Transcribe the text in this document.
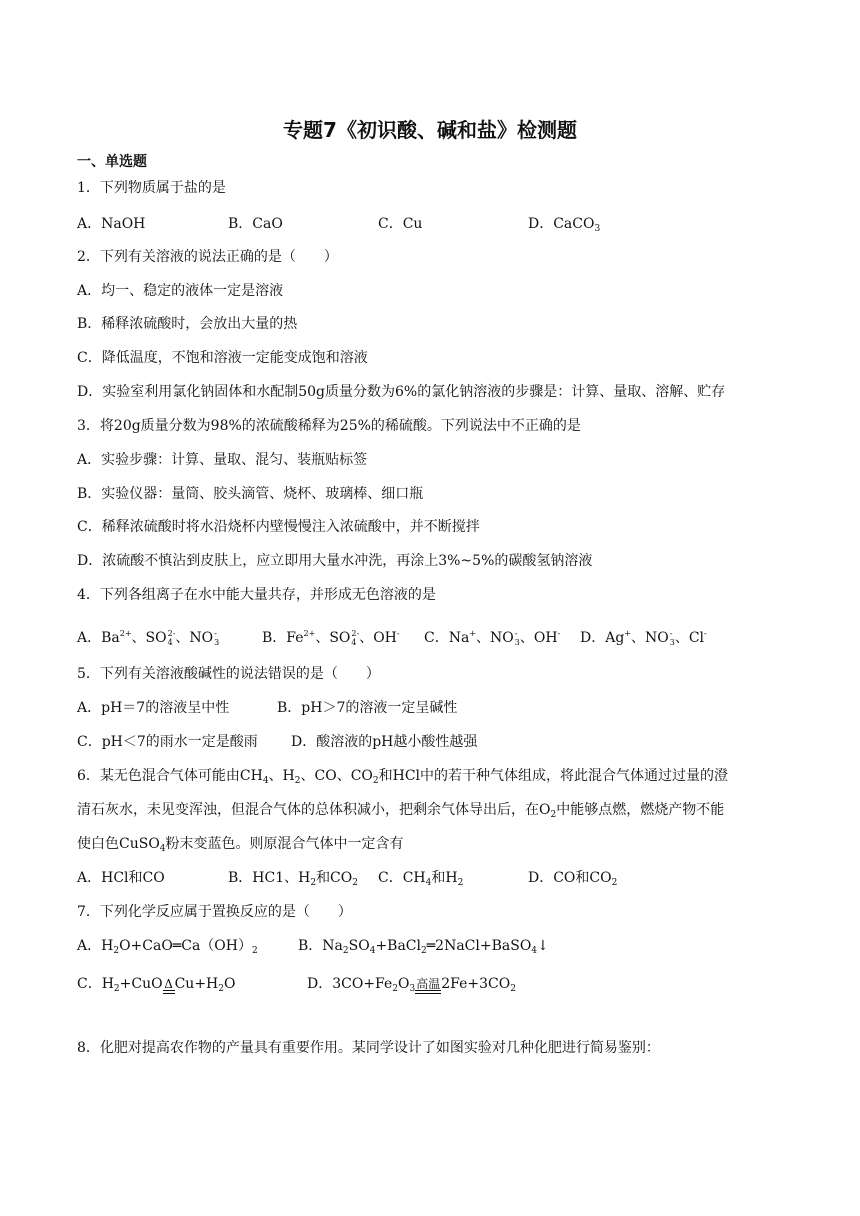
专题7《初识酸、碱和盐》检测题
一、单选题
1．下列物质属于盐的是
A．NaOH	B．CaO	C．Cu	D．CaCO$_3$
2．下列有关溶液的说法正确的是（　　）
A．均一、稳定的液体一定是溶液
B．稀释浓硫酸时，会放出大量的热
C．降低温度，不饱和溶液一定能变成饱和溶液
D．实验室利用氯化钠固体和水配制50g质量分数为6%的氯化钠溶液的步骤是：计算、量取、溶解、贮存
3．将20g质量分数为98%的浓硫酸稀释为25%的稀硫酸。下列说法中不正确的是
A．实验步骤：计算、量取、混匀、装瓶贴标签
B．实验仪器：量筒、胶头滴管、烧杯、玻璃棒、细口瓶
C．稀释浓硫酸时将水沿烧杯内壁慢慢注入浓硫酸中，并不断搅拌
D．浓硫酸不慎沾到皮肤上，应立即用大量水冲洗，再涂上3%~5%的碳酸氢钠溶液
4．下列各组离子在水中能大量共存，并形成无色溶液的是
A．$Ba^{2+}$、SO 2-
4 、NO -
3	B．$Fe^{2+}$、SO 2-
4 、OH- C．Na+、NO -
3 、OH- D．Ag+、NO -
3 、Cl-
5．下列有关溶液酸碱性的说法错误的是（　　）
A．pH＝7的溶液呈中性	B．pH＞7的溶液一定呈碱性
C．pH＜7的雨水一定是酸雨 D．酸溶液的pH越小酸性越强
6．某无色混合气体可能由$CH_4$、$H_2$、CO、$CO_2$和HCl中的若干种气体组成，将此混合气体通过过量的澄
清石灰水，未见变浑浊，但混合气体的总体积减小，把剩余气体导出后，在$O_2$中能够点燃，燃烧产物不能
使白色CuSO$_4$粉末变蓝色。则原混合气体中一定含有
A．HCl和CO	B．HC1、$H_2$和$CO_2$ C．$CH_4$和$H_2$	D．CO和$CO_2$
7．下列化学反应属于置换反应的是（　　）
A．$H_2O+CaO═Ca(OH)_2$	B．$Na_2SO_4+BaCl_2═2NaCl+BaSO_4↓$
C．$H_2+CuO$ Δ $Cu+H_2O$	D．$3CO+Fe_2O_3$ 高温 $2Fe+3CO_2$
8．化肥对提高农作物的产量具有重要作用。某同学设计了如图实验对几种化肥进行简易鉴别：
